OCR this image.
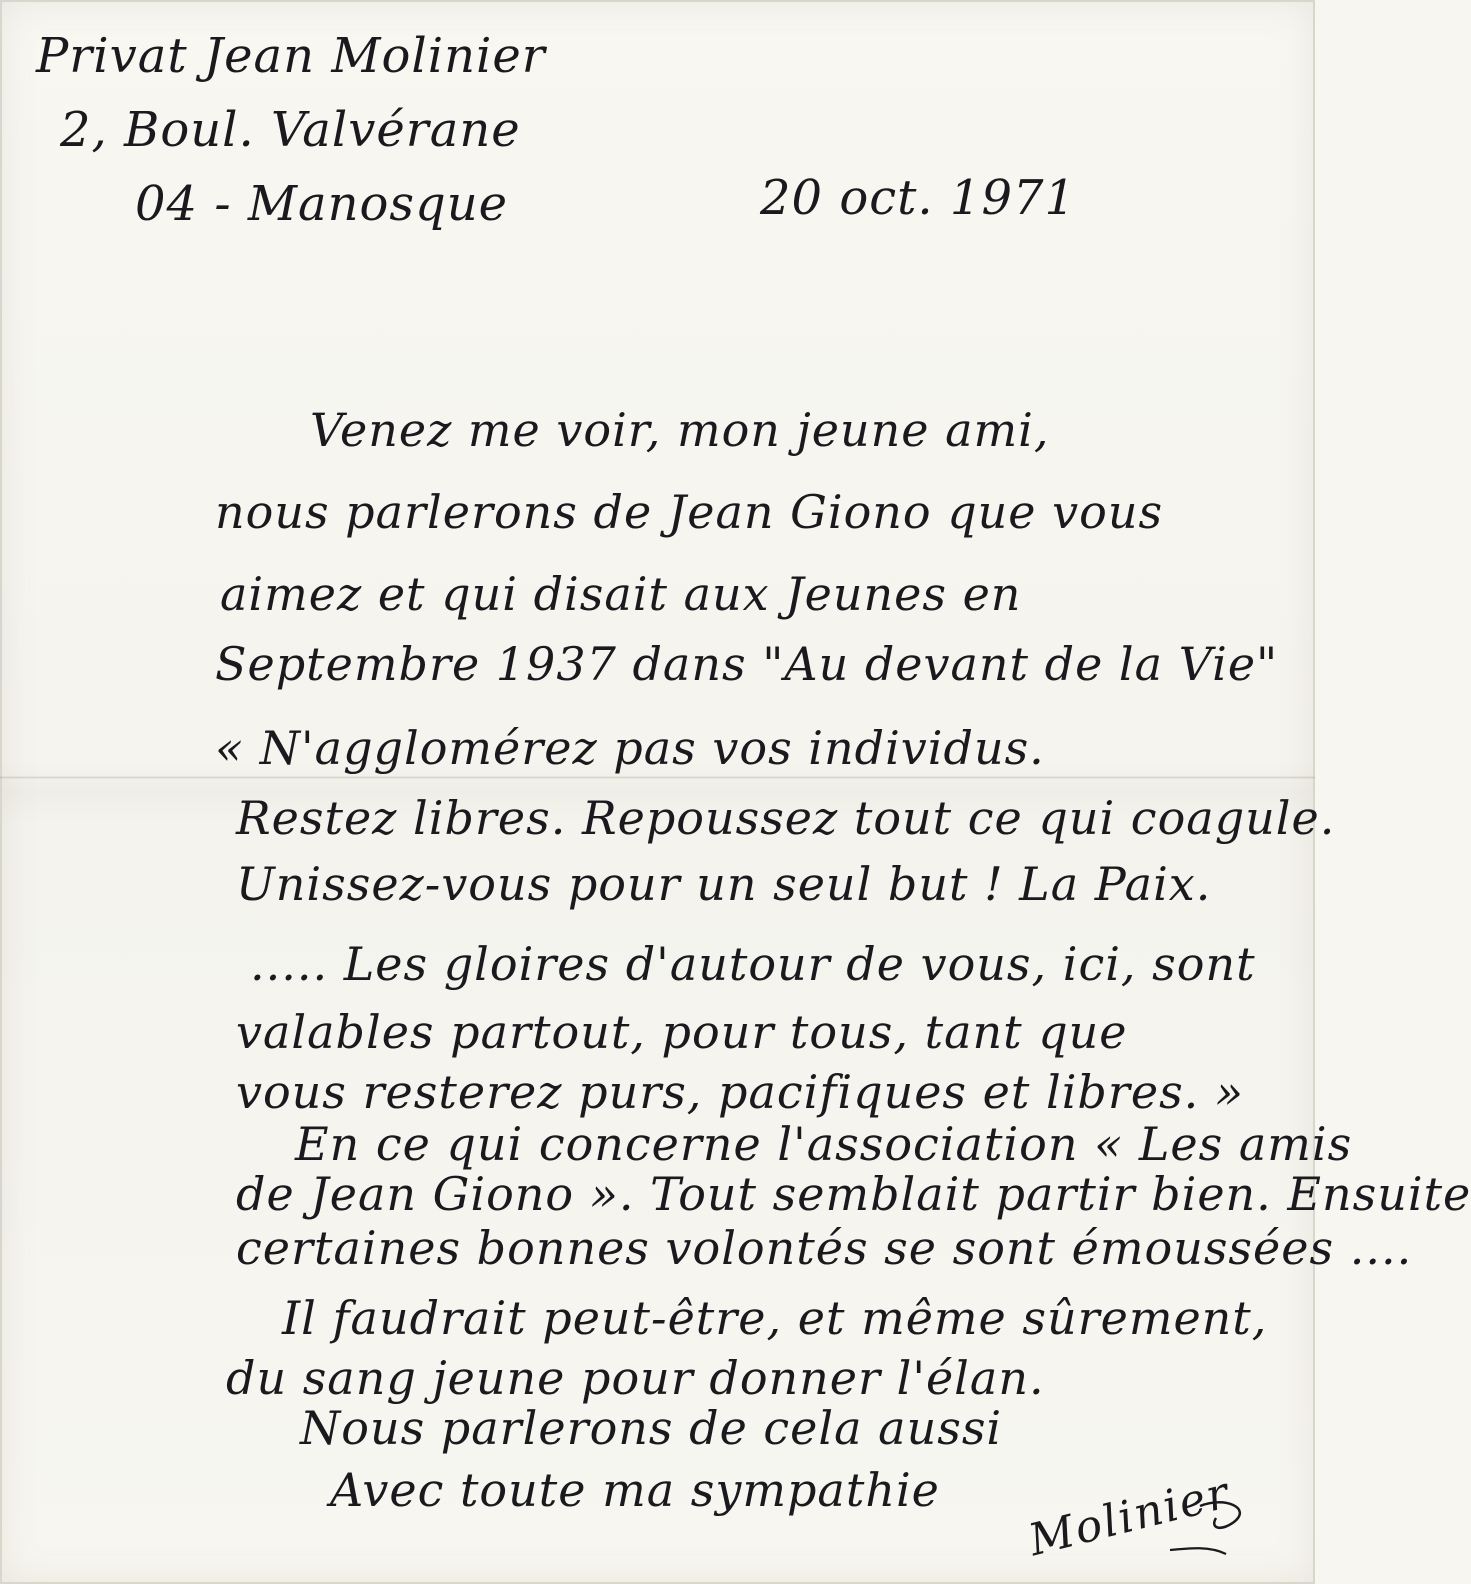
Privat Jean Molinier
2, Boul. Valvérane
04 - Manosque	20 oct. 1971
Venez me voir, mon jeune ami,
nous parlerons de Jean Giono que vous
aimez et qui disait aux Jeunes en
Septembre 1937 dans "Au devant de la Vie"
« N'agglomérez pas vos individus.
Restez libres. Repoussez tout ce qui coagule.
Unissez-vous pour un seul but ! La Paix.
..... Les gloires d'autour de vous, ici, sont
valables partout, pour tous, tant que
vous resterez purs, pacifiques et libres. »
En ce qui concerne l'association « Les amis
de Jean Giono ». Tout semblait partir bien. Ensuite
certaines bonnes volontés se sont émoussées ....
Il faudrait peut-être, et même sûrement,
du sang jeune pour donner l'élan.
Nous parlerons de cela aussi
Avec toute ma sympathie Molinier
